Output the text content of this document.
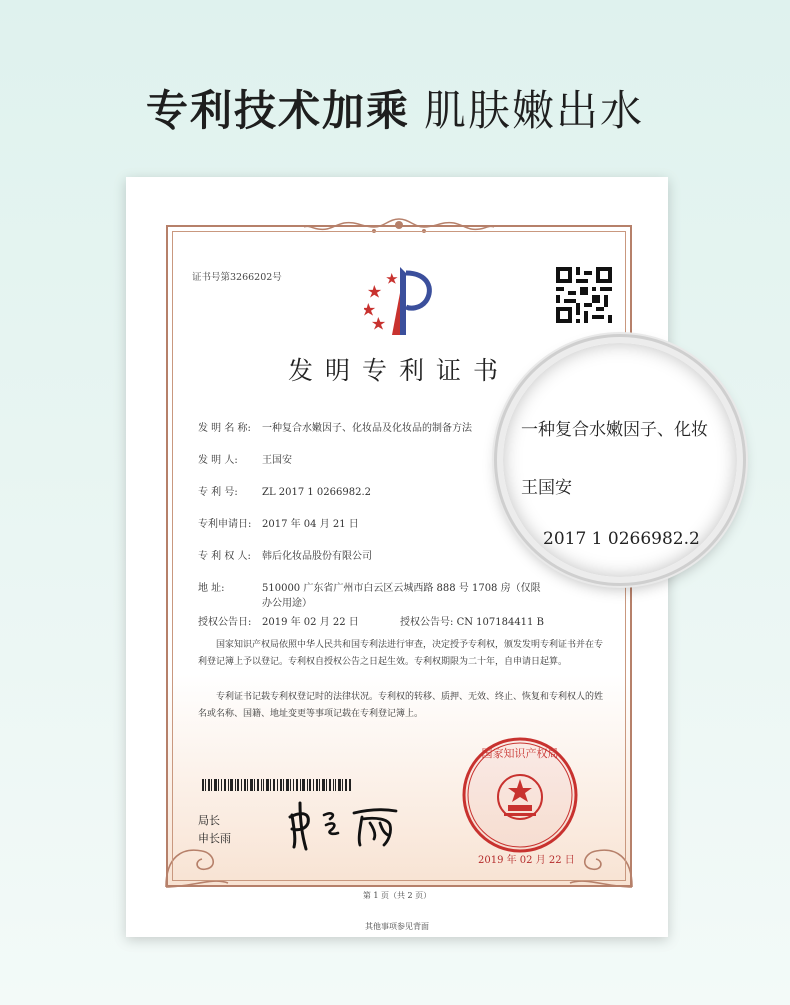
专利技术加乘 肌肤嫩出水
证书号第3266202号
发明专利证书
发 明 名 称: 一种复合水嫩因子、化妆品及化妆品的制备方法
发 明 人: 王国安
专 利 号: ZL 2017 1 0266982.2
专利申请日: 2017 年 04 月 21 日
专 利 权 人: 韩后化妆品股份有限公司
地 址:	510000 广东省广州市白云区云城西路 888 号 1708 房（仅限
办公用途）
授权公告日: 2019 年 02 月 22 日	授权公告号: CN 107184411 B
国家知识产权局依照中华人民共和国专利法进行审查，决定授予专利权，颁发发明专利证书并在专利登记簿上予以登记。专利权自授权公告之日起生效。专利权期限为二十年，自申请日起算。
专利证书记载专利权登记时的法律状况。专利权的转移、质押、无效、终止、恢复和专利权人的姓名或名称、国籍、地址变更等事项记载在专利登记簿上。
局长
申长雨
国家知识产权局
2019 年 02 月 22 日
第 1 页（共 2 页）
其他事项参见背面
一种复合水嫩因子、化妆
王国安
2017 1 0266982.2
